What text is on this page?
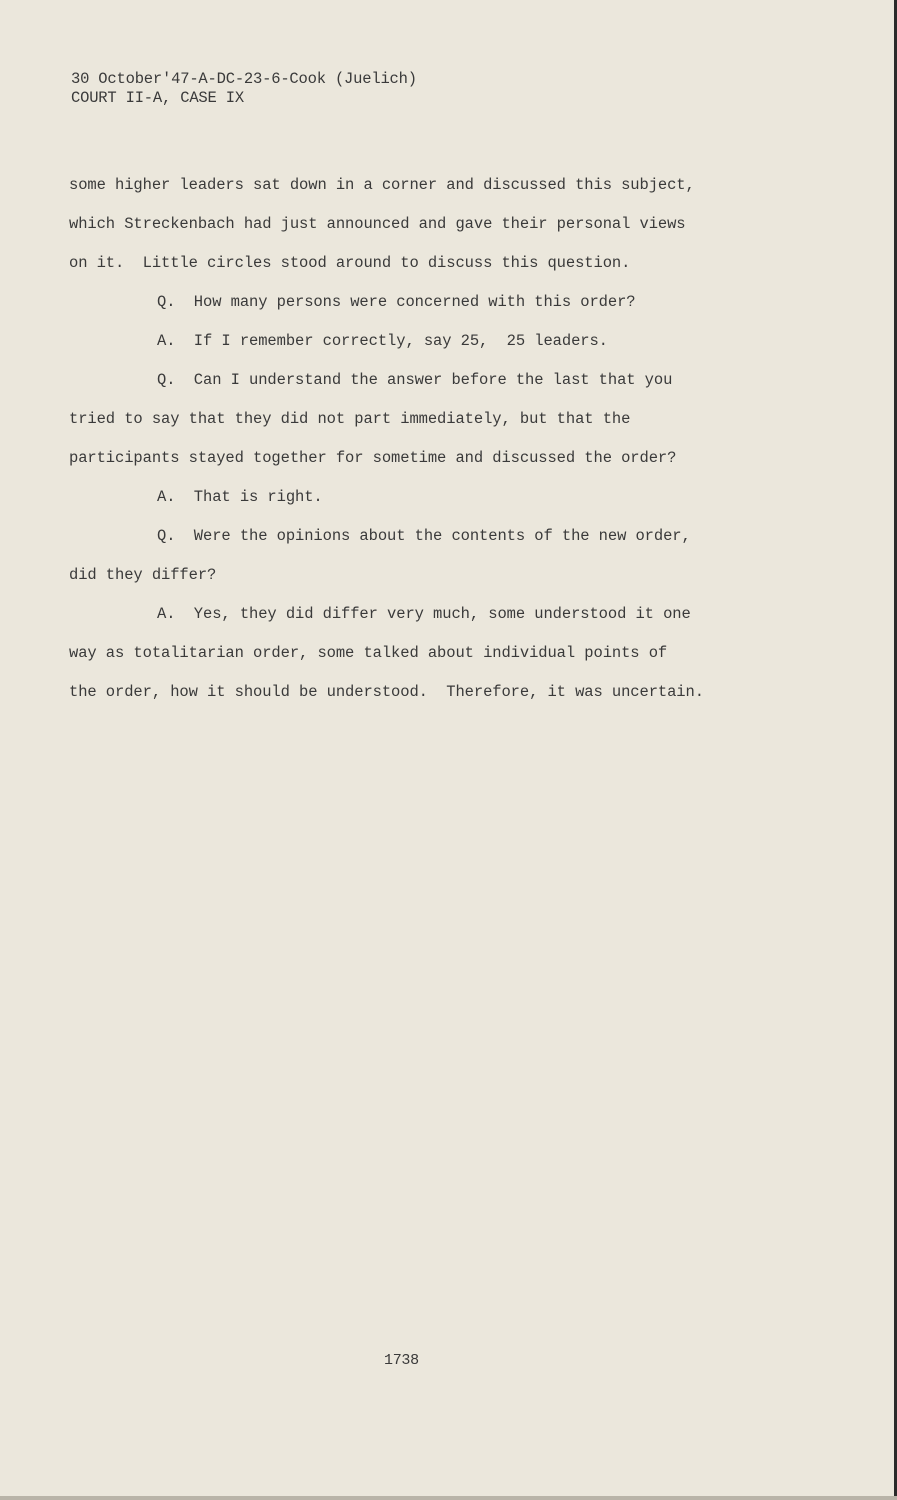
30 October'47-A-DC-23-6-Cook (Juelich)
COURT II-A, CASE IX
some higher leaders sat down in a corner and discussed this subject,
which Streckenbach had just announced and gave their personal views
on it.  Little circles stood around to discuss this question.
Q.  How many persons were concerned with this order?
A.  If I remember correctly, say 25,  25 leaders.
Q.  Can I understand the answer before the last that you
tried to say that they did not part immediately, but that the
participants stayed together for sometime and discussed the order?
A.  That is right.
Q.  Were the opinions about the contents of the new order,
did they differ?
A.  Yes, they did differ very much, some understood it one
way as totalitarian order, some talked about individual points of
the order, how it should be understood.  Therefore, it was uncertain.
1738
